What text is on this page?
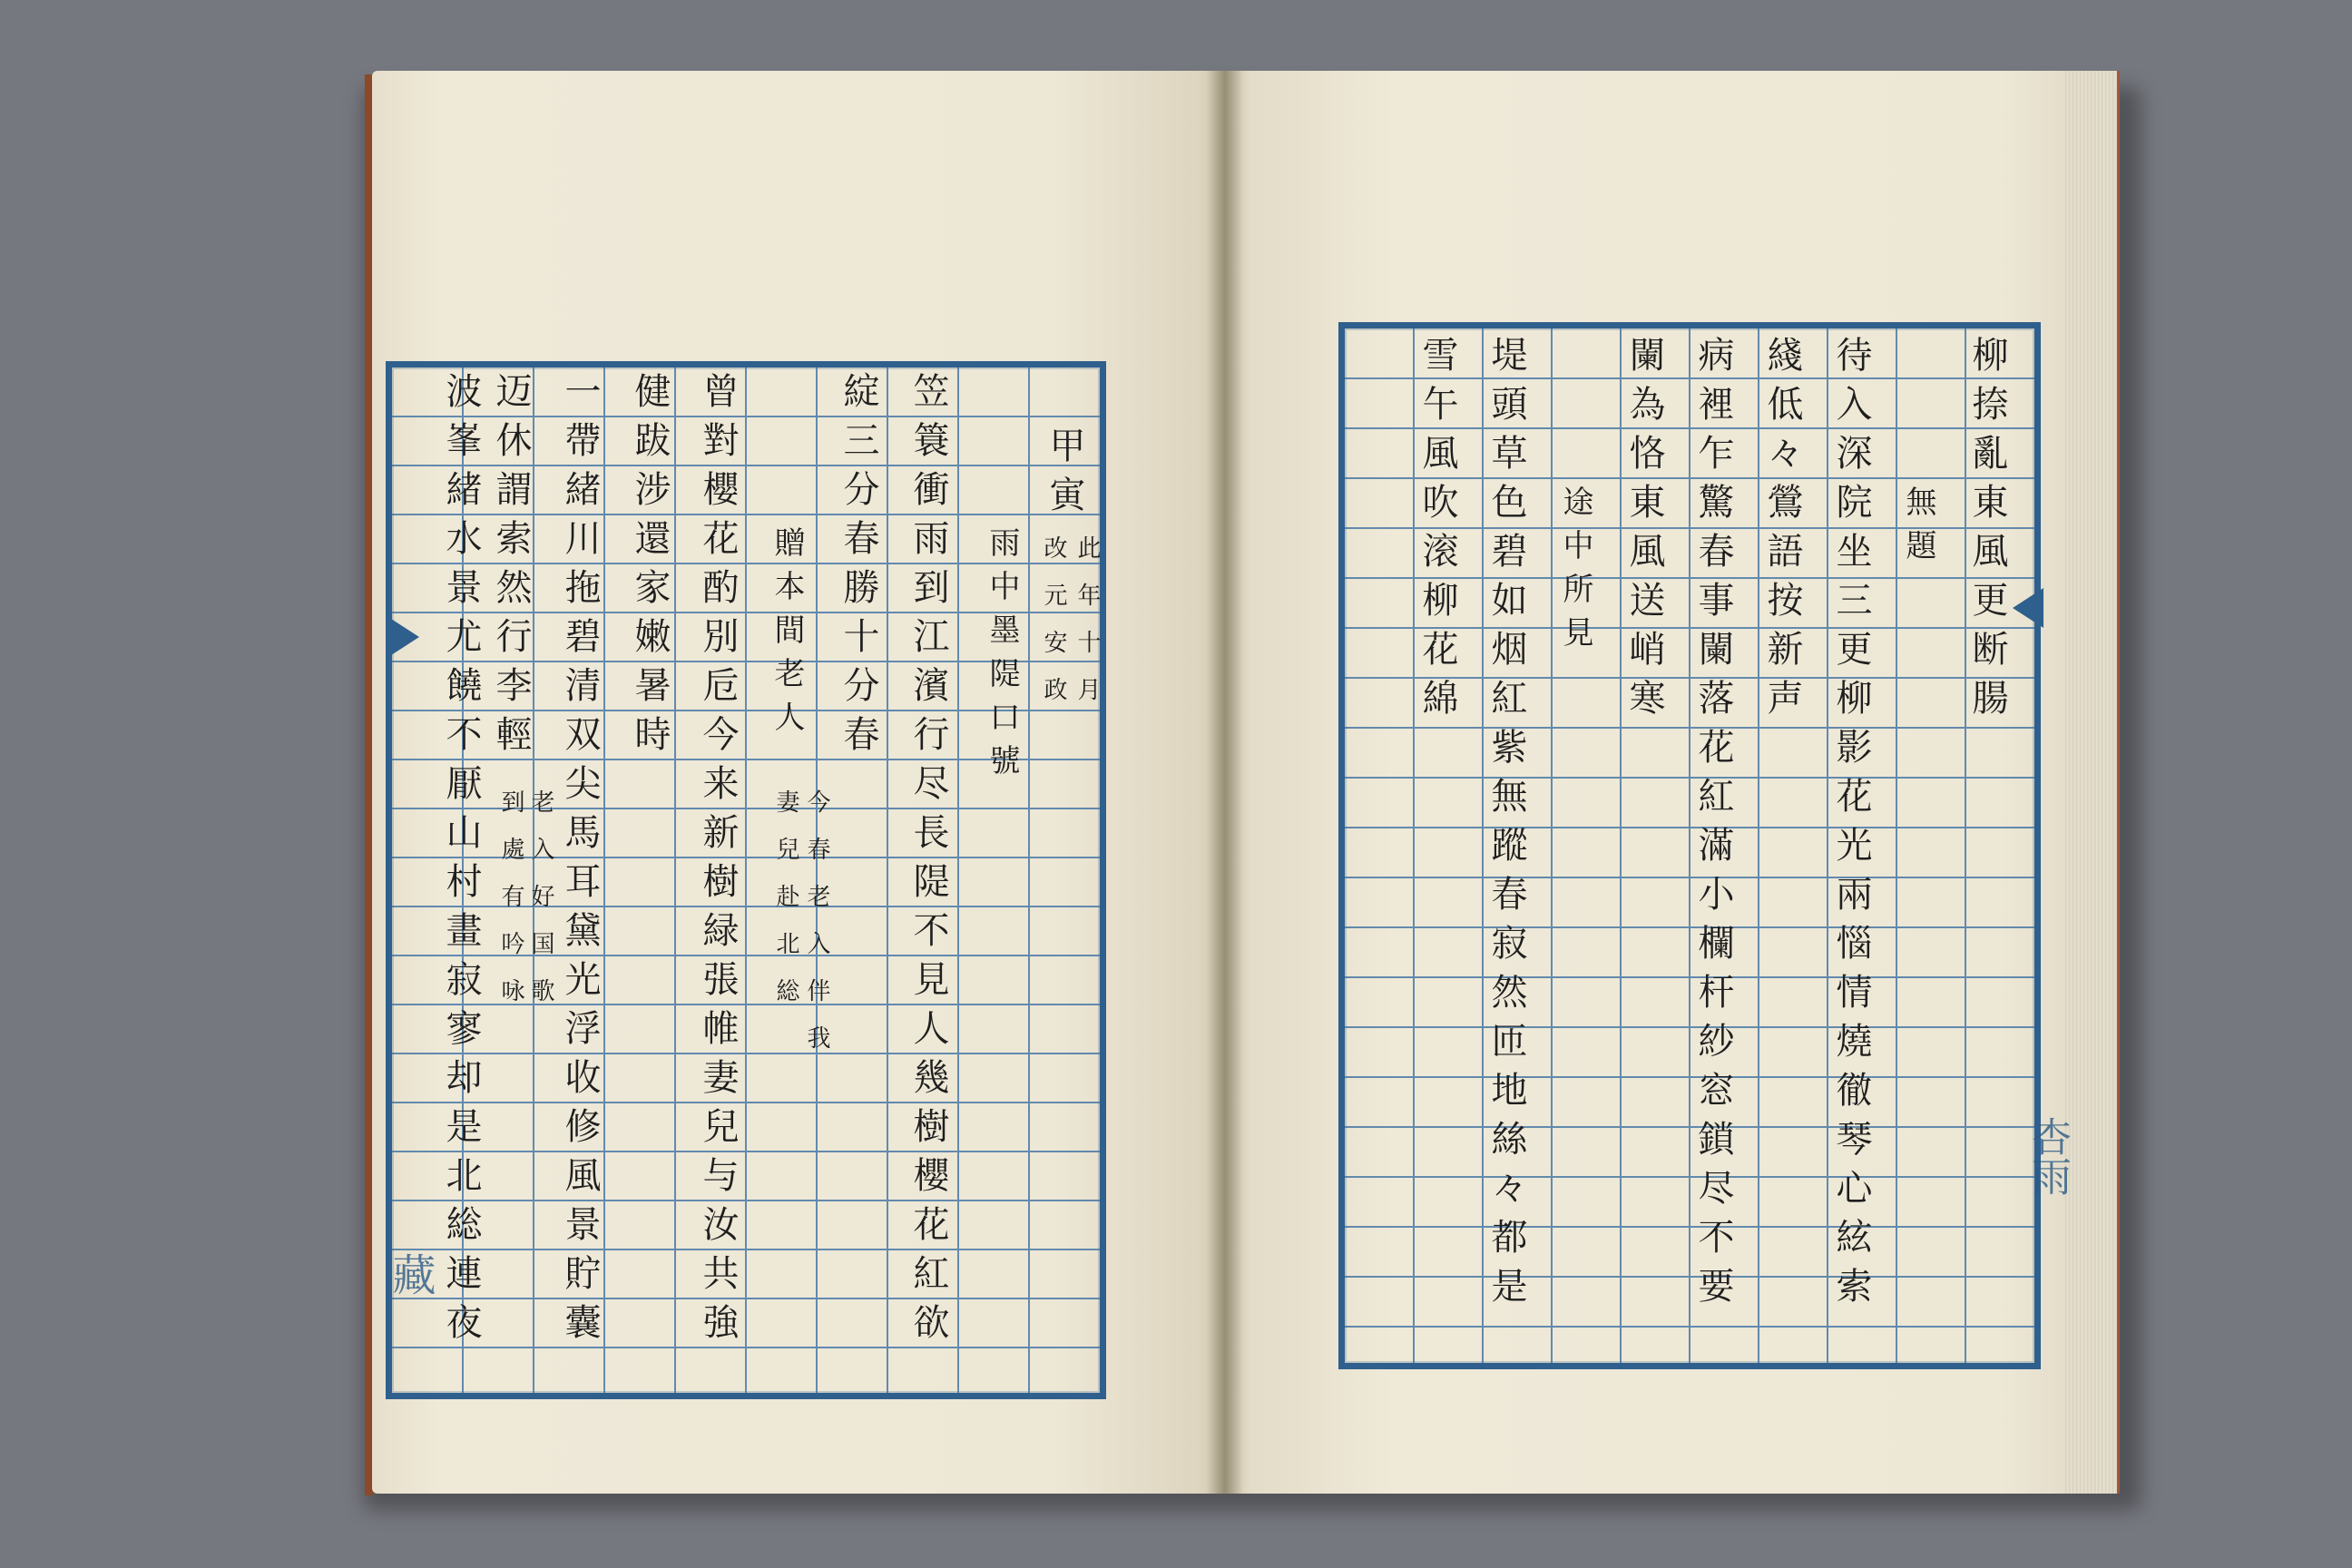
甲寅
改元安政 此年十月
雨中墨隄口號
笠簑衝雨到江濱行尽長隄不見人幾樹櫻花紅欲
綻三分春勝十分春
贈本間老人
今春老入伴我
妻兒赴北総
曾對櫻花酌別卮今来新樹緑張帷妻兒与汝共強
健跋涉還家嫩暑時
一帶緒川拖碧清双尖馬耳黛光浮收修風景貯囊
老入好国歌
到處有吟咏
迈休謂索然行李輕
波峯緒水景尤饒不厭山村畫寂寥却是北総連夜
藏
柳捺亂東風更断腸
無題
待入深院坐三更柳影花光兩惱情燒徹琴心絃索
綫低々鶯語按新声
病裡乍驚春事闌落花紅滿小欄杆紗窓鎖尽不要
闌為恪東風送峭寒
途中所見
堤頭草色碧如烟紅紫無蹤春寂然匝地絲々都是
雪午風吹滚柳花綿
杏雨
